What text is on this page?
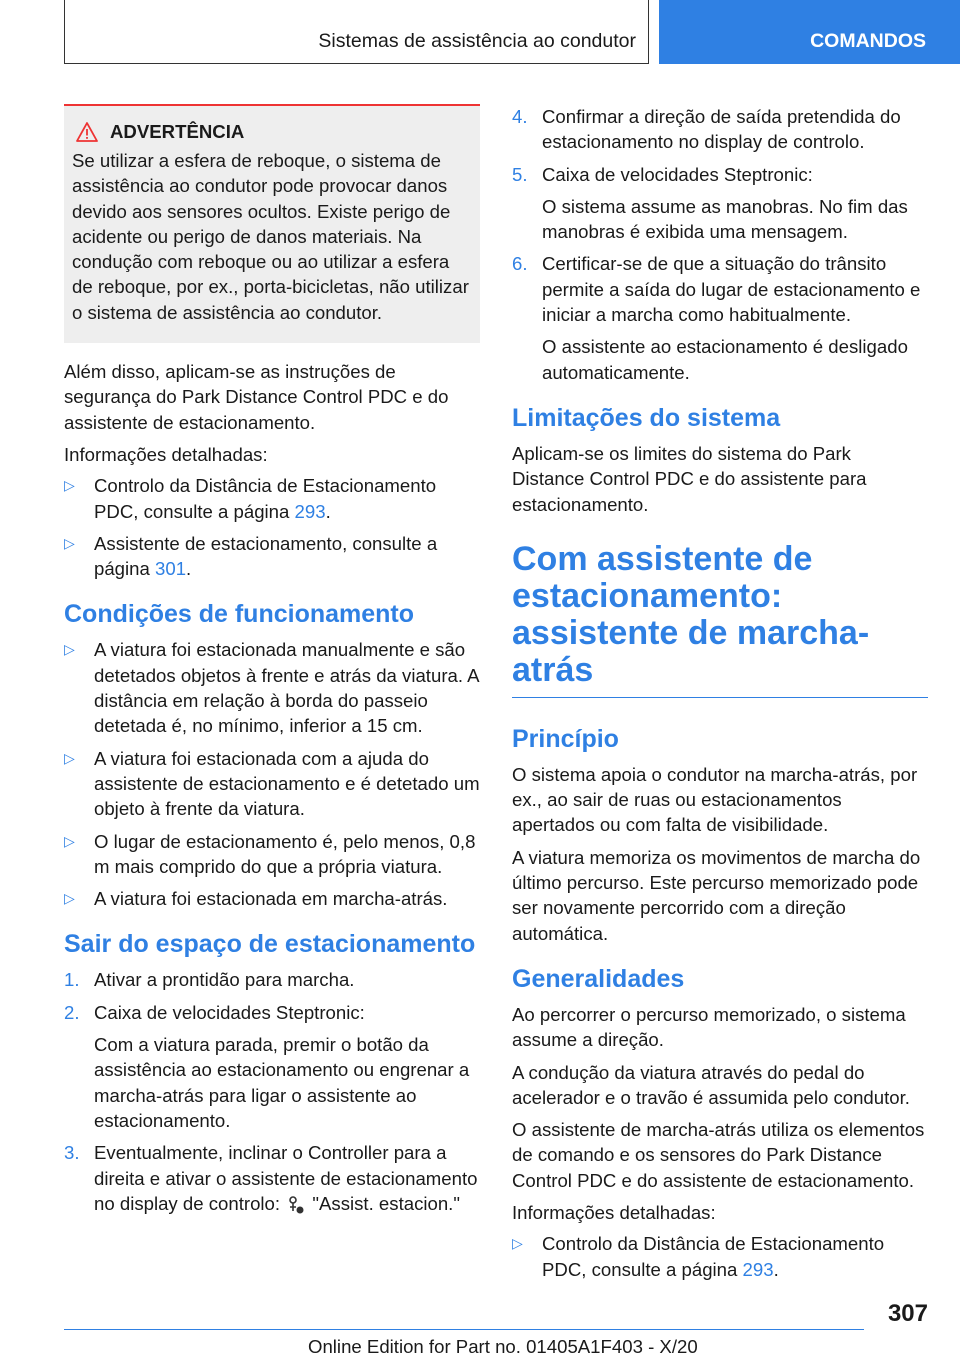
Sistemas de assistência ao condutor	COMANDOS
ADVERTÊNCIA

Se utilizar a esfera de reboque, o sistema de assistência ao condutor pode provocar danos devido aos sensores ocultos. Existe perigo de acidente ou perigo de danos materiais. Na condução com reboque ou ao utilizar a esfera de reboque, por ex., porta-bicicletas, não utilizar o sistema de assistência ao condutor.

Além disso, aplicam-se as instruções de segurança do Park Distance Control PDC e do assistente de estacionamento.

Informações detalhadas:

▷	Controlo da Distância de Estacionamento PDC, consulte a página 293.

▷	Assistente de estacionamento, consulte a página 301.

Condições de funcionamento
▷	A viatura foi estacionada manualmente e são detetados objetos à frente e atrás da viatura. A distância em relação à borda do passeio detetada é, no mínimo, inferior a 15 cm.

▷	A viatura foi estacionada com a ajuda do assistente de estacionamento e é detetado um objeto à frente da viatura.

▷	O lugar de estacionamento é, pelo menos, 0,8 m mais comprido do que a própria viatura.

▷	A viatura foi estacionada em marcha-atrás.

Sair do espaço de estacionamento
1. Ativar a prontidão para marcha.

2. Caixa de velocidades Steptronic:

Com a viatura parada, premir o botão da assistência ao estacionamento ou engrenar a marcha-atrás para ligar o assistente ao estacionamento.

3. Eventualmente, inclinar o Controller para a direita e ativar o assistente de estacionamento no display de controlo: "Assist. estacion."

4. Confirmar a direção de saída pretendida do estacionamento no display de controlo.

5. Caixa de velocidades Steptronic:

O sistema assume as manobras. No fim das manobras é exibida uma mensagem.

6. Certificar-se de que a situação do trânsito permite a saída do lugar de estacionamento e iniciar a marcha como habitualmente.

O assistente ao estacionamento é desligado automaticamente.

Limitações do sistema

Aplicam-se os limites do sistema do Park Distance Control PDC e do assistente para estacionamento.

Com assistente de estacionamento: assistente de marcha-atrás
Princípio

O sistema apoia o condutor na marcha-atrás, por ex., ao sair de ruas ou estacionamentos apertados ou com falta de visibilidade.

A viatura memoriza os movimentos de marcha do último percurso. Este percurso memorizado pode ser novamente percorrido com a direção automática.

Generalidades

Ao percorrer o percurso memorizado, o sistema assume a direção.

A condução da viatura através do pedal do acelerador e o travão é assumida pelo condutor.

O assistente de marcha-atrás utiliza os elementos de comando e os sensores do Park Distance Control PDC e do assistente de estacionamento.

Informações detalhadas:

▷	Controlo da Distância de Estacionamento PDC, consulte a página 293.

307
Online Edition for Part no. 01405A1F403 - X/20
